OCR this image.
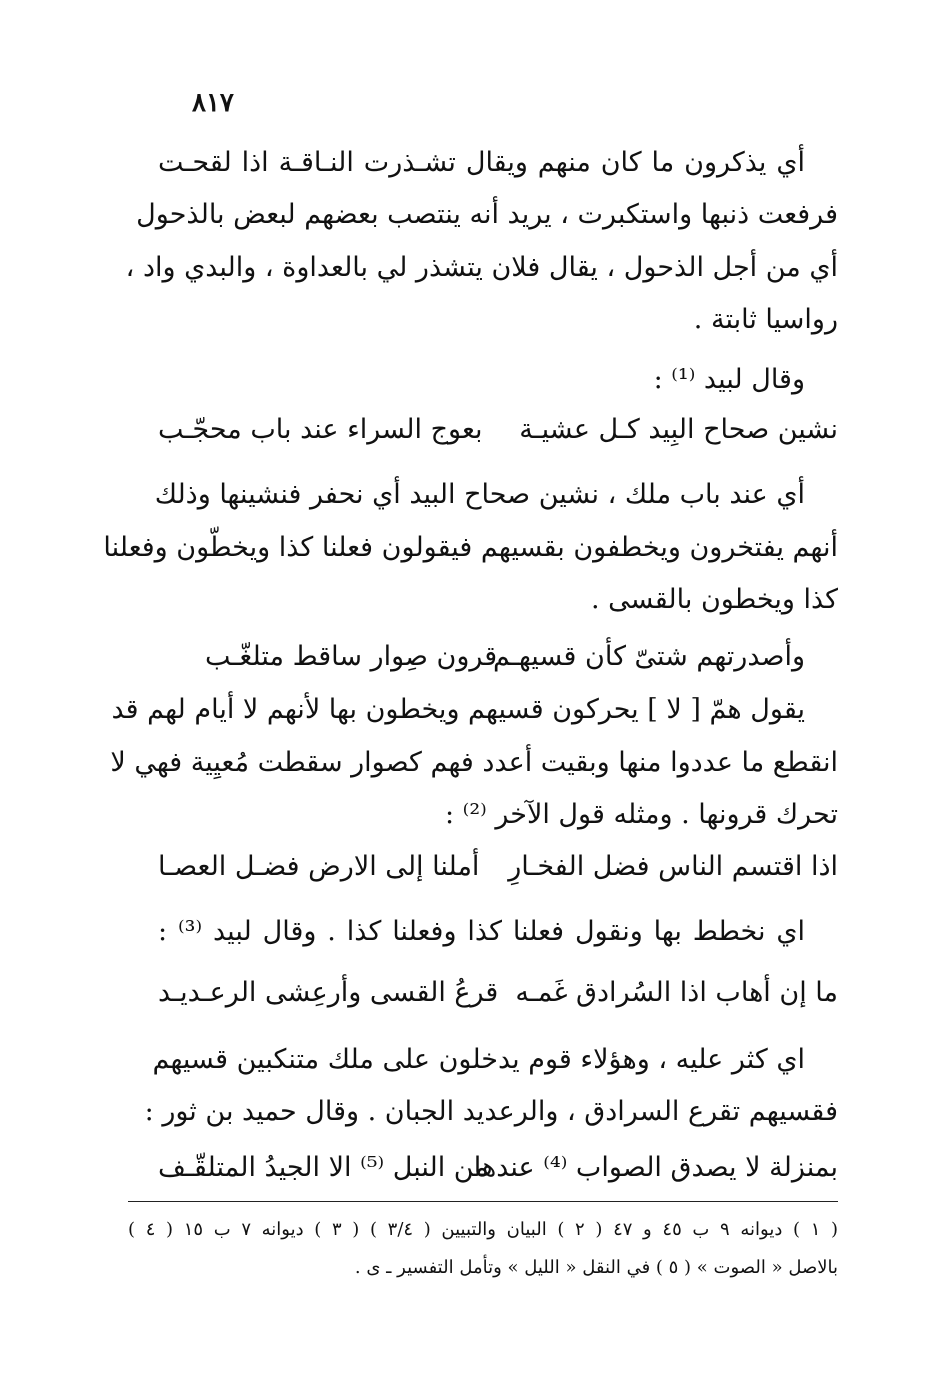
٨١٧
أي يذكرون ما كان منهم ويقال تشـذرت النـاقـة اذا لقحـت
فرفعت ذنبها واستكبرت ، يريد أنه ينتصب بعضهم لبعض بالذحول
أي من أجل الذحول ، يقال فلان يتشذر لي بالعداوة ، والبدي واد ،
رواسيا ثابتة .
وقال لبيد ⁽¹⁾ :
نشين صحاح البِيد كـل عشيـة
بعوج السراء عند باب محجّـب
أي عند باب ملك ، نشين صحاح البيد أي نحفر فنشينها وذلك
أنهم يفتخرون ويخطفون بقسيهم فيقولون فعلنا كذا ويخطّون وفعلنا
كذا ويخطون بالقسى .
وأصدرتهم شتىّ كأن قسيهـم
قرون صِوار ساقط متلغّـب
يقول همّ [ لا ] يحركون قسيهم ويخطون بها لأنهم لا أيام لهم قد
انقطع ما عددوا منها وبقيت أعدد فهم كصوار سقطت مُعيِية فهي لا
تحرك قرونها . ومثله قول الآخر ⁽²⁾ :
اذا اقتسم الناس فضل الفخـارِ
أملنا إلى الارض فضـل العصـا
اي نخطط بها ونقول فعلنا كذا وفعلنا كذا . وقال لبيد ⁽³⁾ :
ما إن أهاب اذا السُرادق غَمـه
قرعُ القسى وأرعِشى الرعـديـد
اي كثر عليه ، وهؤلاء قوم يدخلون على ملك متنكبين قسيهم
فقسيهم تقرع السرادق ، والرعديد الجبان . وقال حميد بن ثور :
بمنزلة لا يصدق الصواب ⁽⁴⁾ عندها
من النبل ⁽⁵⁾ الا الجيدُ المتلقّـف
( ١ ) ديوانه ٩ ب ٤٥ و ٤٧ ( ٢ ) البيان والتبيين ( ٣/٤ ) ( ٣ ) ديوانه ٧ ب ١٥ ( ٤ )
بالاصل « الصوت » ( ٥ ) في النقل « الليل » وتأمل التفسير ـ ى .
